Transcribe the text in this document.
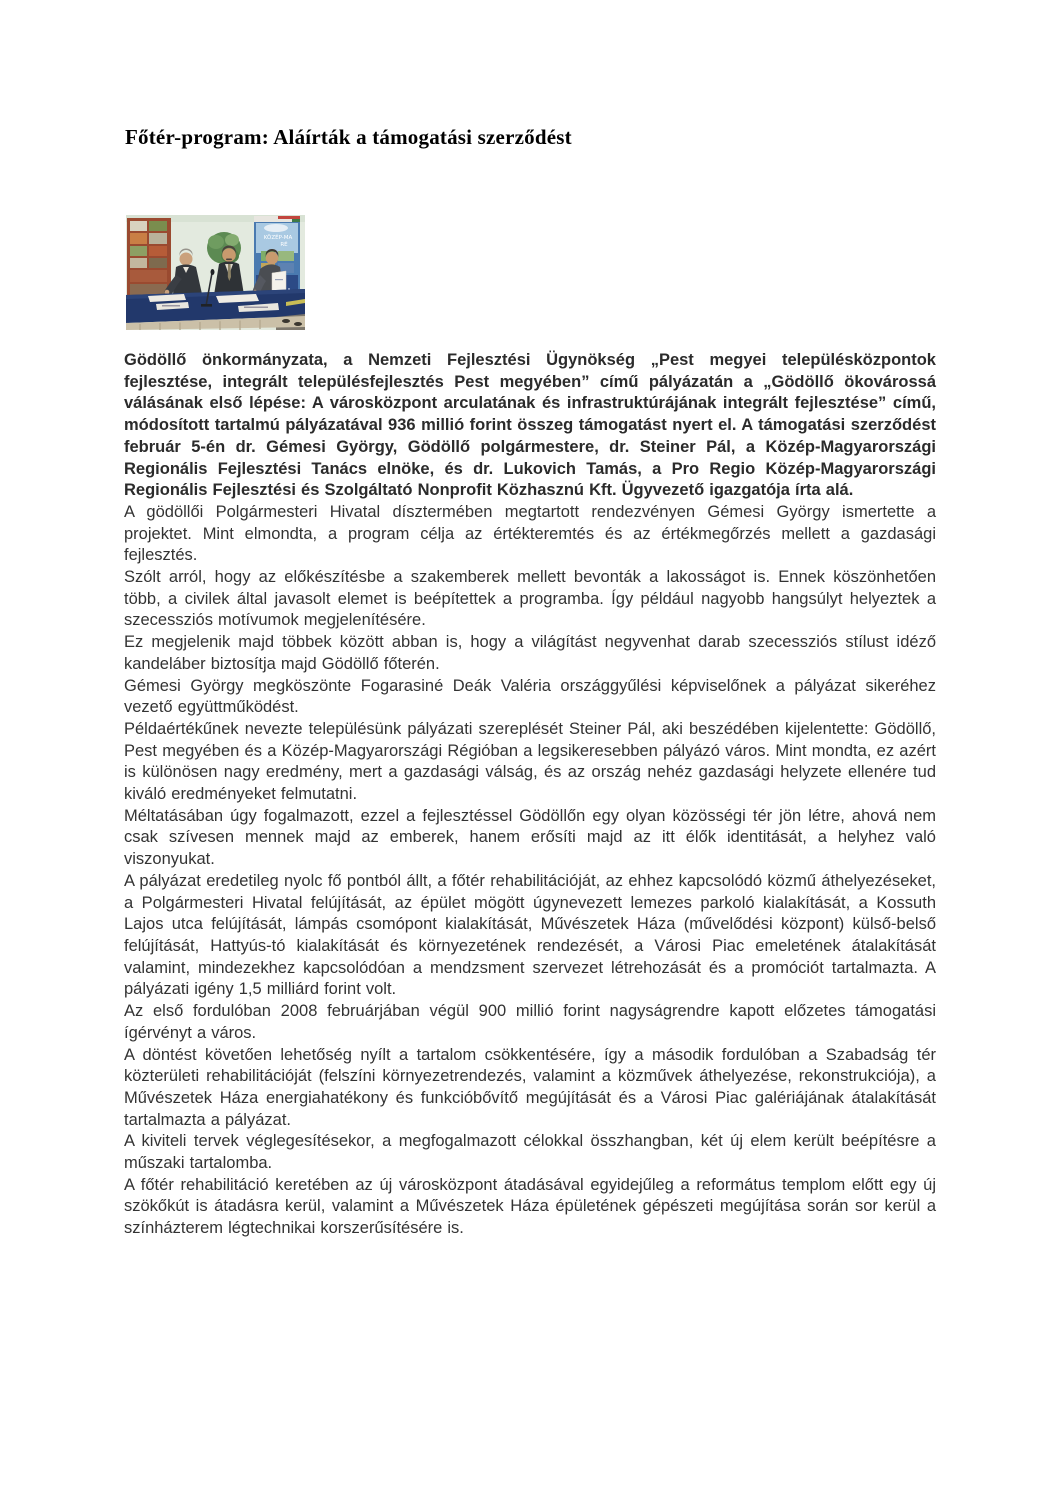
Főtér-program: Aláírták a támogatási szerződést
KÖZÉP-MA
RÉ

Gödöllő önkormányzata, a Nemzeti Fejlesztési Ügynökség „Pest megyei településközpontok fejlesztése, integrált településfejlesztés Pest megyében” című pályázatán a „Gödöllő ökovárossá válásának első lépése: A városközpont arculatának és infrastruktúrájának integrált fejlesztése” című, módosított tartalmú pályázatával 936 millió forint összeg támogatást nyert el. A támogatási szerződést február 5-én dr. Gémesi György, Gödöllő polgármestere, dr. Steiner Pál, a Közép-Magyarországi Regionális Fejlesztési Tanács elnöke, és dr. Lukovich Tamás, a Pro Regio Közép-Magyarországi Regionális Fejlesztési és Szolgáltató Nonprofit Közhasznú Kft. Ügyvezető igazgatója írta alá.

A gödöllői Polgármesteri Hivatal dísztermében megtartott rendezvényen Gémesi György ismertette a projektet. Mint elmondta, a program célja az értékteremtés és az értékmegőrzés mellett a gazdasági fejlesztés.

Szólt arról, hogy az előkészítésbe a szakemberek mellett bevonták a lakosságot is. Ennek köszönhetően több, a civilek által javasolt elemet is beépítettek a programba. Így például nagyobb hangsúlyt helyeztek a szecessziós motívumok megjelenítésére.

Ez megjelenik majd többek között abban is, hogy a világítást negyvenhat darab szecessziós stílust idéző kandeláber biztosítja majd Gödöllő főterén.

Gémesi György megköszönte Fogarasiné Deák Valéria országgyűlési képviselőnek a pályázat sikeréhez vezető együttműködést.

Példaértékűnek nevezte településünk pályázati szereplését Steiner Pál, aki beszédében kijelentette: Gödöllő, Pest megyében és a Közép-Magyarországi Régióban a legsikeresebben pályázó város. Mint mondta, ez azért is különösen nagy eredmény, mert a gazdasági válság, és az ország nehéz gazdasági helyzete ellenére tud kiváló eredményeket felmutatni.

Méltatásában úgy fogalmazott, ezzel a fejlesztéssel Gödöllőn egy olyan közösségi tér jön létre, ahová nem csak szívesen mennek majd az emberek, hanem erősíti majd az itt élők identitását, a helyhez való viszonyukat.

A pályázat eredetileg nyolc fő pontból állt, a főtér rehabilitációját, az ehhez kapcsolódó közmű áthelyezéseket, a Polgármesteri Hivatal felújítását, az épület mögött úgynevezett lemezes parkoló kialakítását, a Kossuth Lajos utca felújítását, lámpás csomópont kialakítását, Művészetek Háza (művelődési központ) külső-belső felújítását, Hattyús-tó kialakítását és környezetének rendezését, a Városi Piac emeletének átalakítását valamint, mindezekhez kapcsolódóan a mendzsment szervezet létrehozását és a promóciót tartalmazta. A pályázati igény 1,5 milliárd forint volt.

Az első fordulóban 2008 februárjában végül 900 millió forint nagyságrendre kapott előzetes támogatási ígérvényt a város.

A döntést követően lehetőség nyílt a tartalom csökkentésére, így a második fordulóban a Szabadság tér közterületi rehabilitációját (felszíni környezetrendezés, valamint a közművek áthelyezése, rekonstrukciója), a Művészetek Háza energiahatékony és funkcióbővítő megújítását és a Városi Piac galériájának átalakítását tartalmazta a pályázat.

A kiviteli tervek véglegesítésekor, a megfogalmazott célokkal összhangban, két új elem került beépítésre a műszaki tartalomba.

A főtér rehabilitáció keretében az új városközpont átadásával egyidejűleg a református templom előtt egy új szökőkút is átadásra kerül, valamint a Művészetek Háza épületének gépészeti megújítása során sor kerül a színházterem légtechnikai korszerűsítésére is.
